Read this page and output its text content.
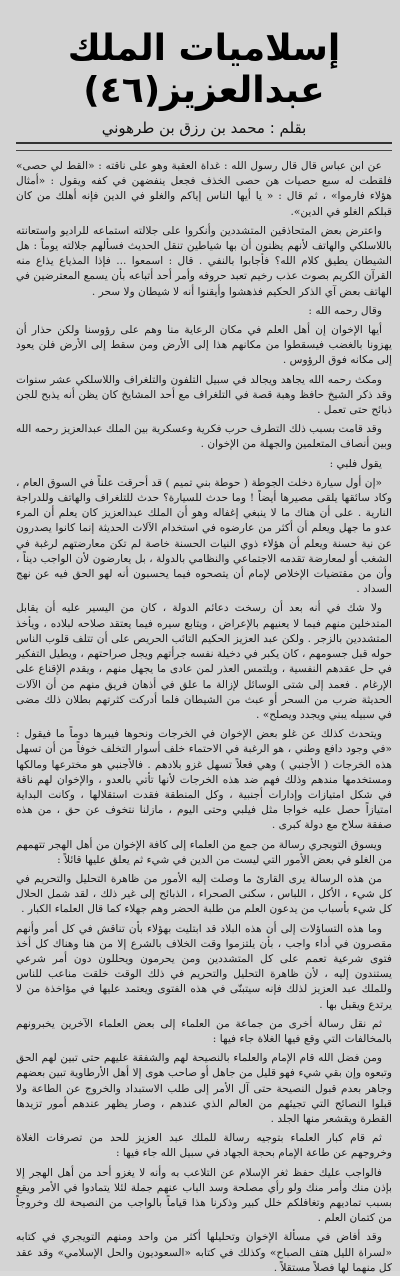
إسلاميات الملك عبدالعزيز(٤٦)
بقلم : محمد بن رزق بن طرهوني

عن ابن عباس قال قال رسول الله : غداة العقبة وهو على ناقته : «القط لي حصى» فلقطت له سبع حصيات هن حصى الخذف فجعل ينفضهن في كفه ويقول : «أمثال هؤلاء فارموا» ، ثم قال : « يا أيها الناس إياكم والغلو في الدين فإنه أهلك من كان قبلكم الغلو في الدين».

واعترض بعض المتحاذقين المتشددين وأنكروا على جلالته استماعه للراديو واستعانته باللاسلكي والهاتف لأنهم يظنون أن بها شياطين تنقل الحديث فسألهم جلالته يوماً : هل الشيطان يطيق كلام الله؟ فأجابوا بالنفي . قال : اسمعوا ... فإذا المذياع يذاع منه القرآن الكريم بصوت عذب رخيم تعبد حروفه وأمر أحد أتباعه بأن يسمع المعترضين في الهاتف بعض آي الذكر الحكيم فذهشوا وأيقنوا أنه لا شيطان ولا سحر .

وقال رحمه الله :

أيها الإخوان إن أهل العلم في مكان الرعاية منا وهم على رؤوسنا ولكن حذار أن يهزونا بالغضب فيسقطوا من مكانهم هذا إلى الأرض ومن سقط إلى الأرض فلن يعود إلى مكانه فوق الرؤوس .

ومكث رحمه الله يجاهد ويجالد في سبيل التلفون والتلغراف واللاسلكي عشر سنوات وقد ذكر الشيخ حافظ وهبة قصة في التلغراف مع أحد المشايخ كان يظن أنه يذبح للجن ذبائح حتى تعمل .

وقد قامت بسبب ذلك التطرف حرب فكرية وعسكرية بين الملك عبدالعزيز رحمه الله وبين أنصاف المتعلمين والجهلة من الإخوان .

يقول فلبي :

«إن أول سيارة دخلت الجوطة ( حوطة بني تميم ) قد أحرقت علناً في السوق العام ، وكاد سائقها يلقى مصيرها أيضاً ! وما حدث للسيارة؟ حدث للتلغراف والهاتف وللدراجة النارية . على أن هناك ما لا ينبغي إغفاله وهو أن الملك عبدالعزيز كان يعلم أن المرء عدو ما جهل ويعلم أن أكثر من عارضوه في استخدام الآلات الحديثة إنما كانوا يصدرون عن نية حسنة ويعلم أن هؤلاء ذوي النيات الحسنة خاصة لم تكن معارضتهم لرغبة في الشغب أو لمعارضة تقدمه الاجتماعي والنظامي بالدولة ، بل يعارضون لأن الواجب ديناً ، وأن من مقتضيات الإخلاص لإمام أن يتصحوه فيما يحسبون أنه لهو الحق فيه عن نهج السداد .

ولا شك في أنه بعد أن رسخت دعائم الدولة ، كان من اليسير عليه أن يقابل المتدخلين منهم فيما لا يعنيهم بالإعراض ، ويتابع سيره فيما يعتقد صلاحه لبلاده ، ويأخذ المتشددين بالزجر . ولكن عبد العزيز الحكيم التائب الحريص على أن تتلف قلوب الناس حوله قبل جسومهم ، كان يكبر في دخيلة نفسه جرأتهم ويجل صراحتهم ، ويطيل التفكير في حل عقدهم النفسية ، ويلتمس العذر لمن عادى ما يجهل منهم ، ويقدم الإقناع على الإرغام . فعمد إلى شتى الوسائل لإزالة ما علق في أذهان فريق منهم من أن الآلات الحديثة ضرب من السحر أو عبث من الشيطان فلما أدركت كثرتهم بطلان ذلك مضى في سبيله يبني ويجدد ويصلح» .

ويتحدث كذلك عن غلو بعض الإخوان في الخرجات ونحوها فيبرها دوماً ما فيقول : «في وجود دافع وطني ، هو الرغبة في الاحتماء خلف أسوار التخلف خوفاً من أن تسهل هذه الخرجات ( الأجنبي ) وهي فعلاً تسهل غزو بلادهم . فالأجنبي هو مخترعها ومالكها ومستخدمها مندهم وذلك فهم ضد هذه الخرجات لأنها تأتي بالعدو ، والإخوان لهم ناقة في شكل امتيازات وإدارات أجنبية ، وكل المنطقة فقدت استقلالها ، وكانت البداية امتيازاً حصل عليه خواجا مثل فيلبي وحتى اليوم ، مازلنا نتخوف عن حق ، من هذه صفقة سلاح مع دولة كبرى .

ويسوق التويجري رسالة من جمع من العلماء إلى كافة الإخوان من أهل الهجر تتهمهم من الغلو في بعض الأمور التي ليست من الدين في شيء ثم يعلق عليها قائلاً :

من هذه الرسالة يرى القارئ ما وصلت إليه الأمور من ظاهرة التحليل والتحريم في كل شيء ، الأكل ، اللباس ، سكنى الصحراء ، الذبائح إلى غير ذلك ، لقد شمل الحلال كل شيء بأسباب من يدعون العلم من طلبة الحضر وهم جهلاء كما قال العلماء الكبار .

وما هذه التساؤلات إلى أن هذه البلاد قد ابتليت بهؤلاء بأن تناقش في كل أمر وأنهم مقصرون في أداء واجب ، بأن يلتزموا وقت الخلاف بالشرع إلا من هنا وهناك كل أخذ فتوى شرعية تعمم على كل المتشددين ومن يحرمون ويحللون دون أمر شرعي يستندون إليه ، لأن ظاهرة التحليل والتحريم في ذلك الوقت خلقت مناعب للناس وللملك عبد العزيز لذلك فإنه سيتبنّى في هذه الفتوى ويعتمد عليها في مؤاخذة من لا يرتدع ويقبل بها .

ثم نقل رسالة أخرى من جماعة من العلماء إلى بعض العلماء الآخرين يخبرونهم بالمخالفات التي وقع فيها الغلاة جاء فيها :

ومن فضل الله قام الإمام والعلماء بالنصيحة لهم والشفقة عليهم حتى تبين لهم الحق وتبعوه وإن بقي شيء فهو قليل من جاهل أو صاحب هوى إلا أهل الأرطاوية تبين بعضهم وجاهر بعدم قبول النصيحة حتى آل الأمر إلى طلب الاستبداد والخروج عن الطاعة ولا قبلوا النصائح التي تجيئهم من العالم الذي عندهم ، وصار يظهر عندهم أمور تزيدها القطرة ويقشعر منها الجلد .

ثم قام كبار العلماء بتوجيه رسالة للملك عبد العزيز للحد من تصرفات الغلاة وخروجهم عن طاعة الإمام بحجة الجهاد في سبيل الله جاء فيها :

فالواجب عليك حفظ ثغر الإسلام عن التلاعب به وأنه لا يغزو أحد من أهل الهجر إلا بإذن منك وأمر منك ولو رأي مصلحة وسد الباب عنهم جملة لئلا يتمادوا في الأمر ويقع بسبب تماديهم وتغافلكم خلل كبير وذكرنا هذا قياماً بالواجب من النصيحة لك وخروجاً من كتمان العلم .

وقد أفاض في مسألة الإخوان وتحليلها أكثر من واحد ومنهم التويجري في كتابه «لسراة الليل هتف الصباح» وكذلك في كتابه «السعوديون والحل الإسلامي» وقد عقد كل منهما لها فصلاً مستقلاً .
